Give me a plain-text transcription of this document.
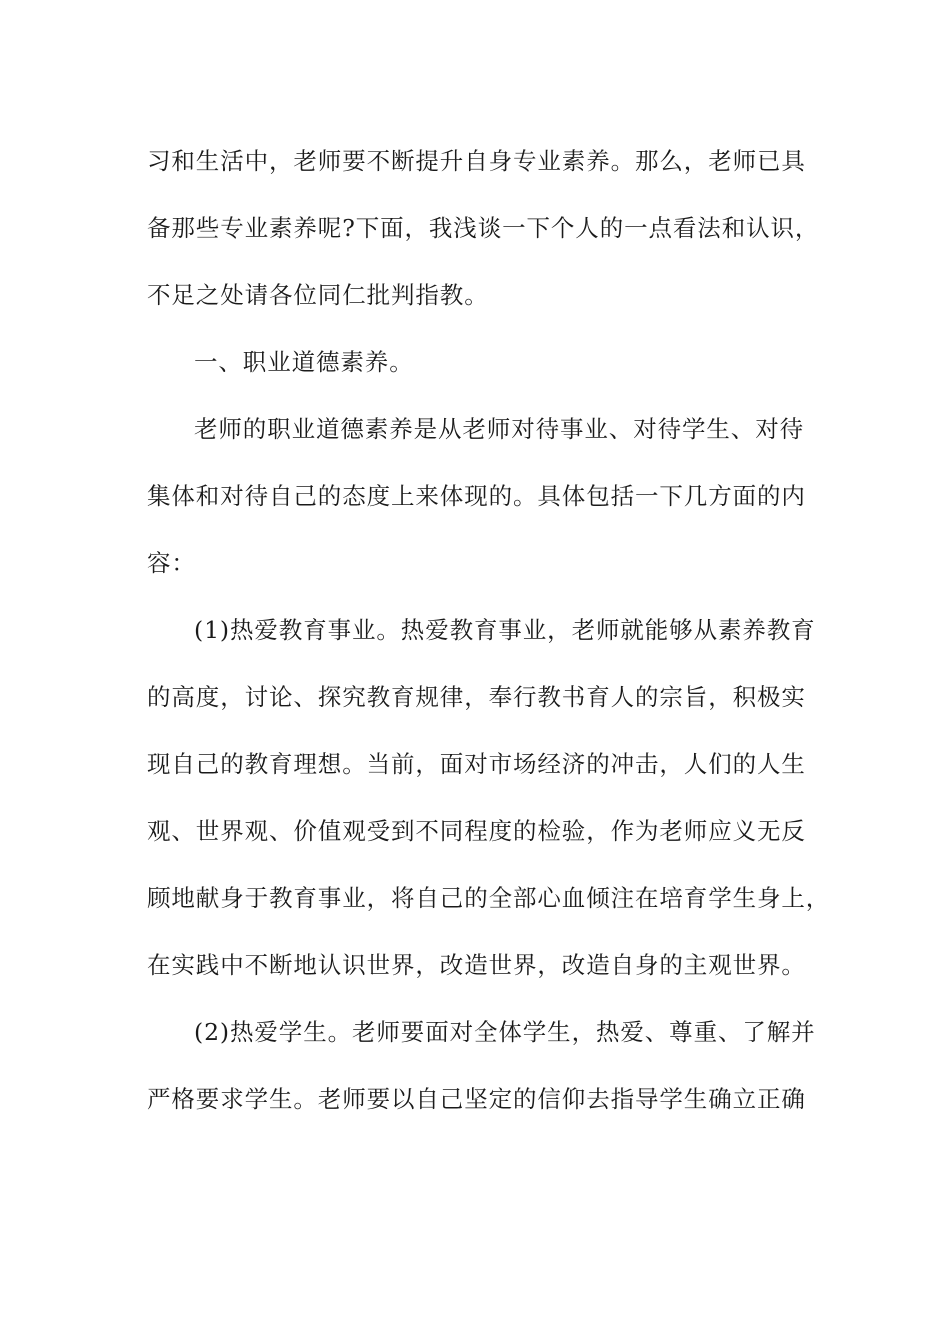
习和生活中，老师要不断提升自身专业素养。那么，老师已具
备那些专业素养呢?下面，我浅谈一下个人的一点看法和认识，
不足之处请各位同仁批判指教。
一、职业道德素养。
老师的职业道德素养是从老师对待事业、对待学生、对待
集体和对待自己的态度上来体现的。具体包括一下几方面的内
容：
(1)热爱教育事业。热爱教育事业，老师就能够从素养教育
的高度，讨论、探究教育规律，奉行教书育人的宗旨，积极实
现自己的教育理想。当前，面对市场经济的冲击，人们的人生
观、世界观、价值观受到不同程度的检验，作为老师应义无反
顾地献身于教育事业，将自己的全部心血倾注在培育学生身上，
在实践中不断地认识世界，改造世界，改造自身的主观世界。
(2)热爱学生。老师要面对全体学生，热爱、尊重、了解并
严格要求学生。老师要以自己坚定的信仰去指导学生确立正确
